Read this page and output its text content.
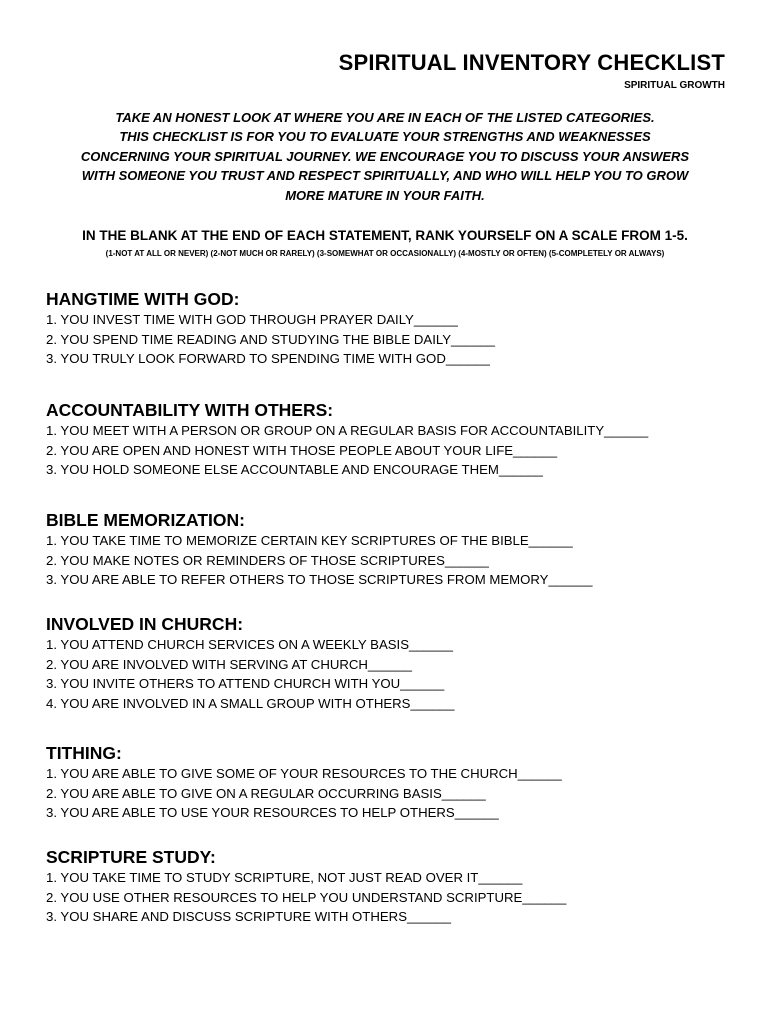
SPIRITUAL INVENTORY CHECKLIST
SPIRITUAL GROWTH
TAKE AN HONEST LOOK AT WHERE YOU ARE IN EACH OF THE LISTED CATEGORIES.
THIS CHECKLIST IS FOR YOU TO EVALUATE YOUR STRENGTHS AND WEAKNESSES
CONCERNING YOUR SPIRITUAL JOURNEY. WE ENCOURAGE YOU TO DISCUSS YOUR ANSWERS
WITH SOMEONE YOU TRUST AND RESPECT SPIRITUALLY, AND WHO WILL HELP YOU TO GROW
MORE MATURE IN YOUR FAITH.
IN THE BLANK AT THE END OF EACH STATEMENT, RANK YOURSELF ON A SCALE FROM 1-5.
(1-NOT AT ALL OR NEVER) (2-NOT MUCH OR RARELY) (3-SOMEWHAT OR OCCASIONALLY) (4-MOSTLY OR OFTEN) (5-COMPLETELY OR ALWAYS)
HANGTIME WITH GOD:
1. YOU INVEST TIME WITH GOD THROUGH PRAYER DAILY______
2. YOU SPEND TIME READING AND STUDYING THE BIBLE DAILY______
3. YOU TRULY LOOK FORWARD TO SPENDING TIME WITH GOD______
ACCOUNTABILITY WITH OTHERS:
1. YOU MEET WITH A PERSON OR GROUP ON A REGULAR BASIS FOR ACCOUNTABILITY______
2. YOU ARE OPEN AND HONEST WITH THOSE PEOPLE ABOUT YOUR LIFE______
3. YOU HOLD SOMEONE ELSE ACCOUNTABLE AND ENCOURAGE THEM______
BIBLE MEMORIZATION:
1. YOU TAKE TIME TO MEMORIZE CERTAIN KEY SCRIPTURES OF THE BIBLE______
2. YOU MAKE NOTES OR REMINDERS OF THOSE SCRIPTURES______
3. YOU ARE ABLE TO REFER OTHERS TO THOSE SCRIPTURES FROM MEMORY______
INVOLVED IN CHURCH:
1. YOU ATTEND CHURCH SERVICES ON A WEEKLY BASIS______
2. YOU ARE INVOLVED WITH SERVING AT CHURCH______
3. YOU INVITE OTHERS TO ATTEND CHURCH WITH YOU______
4. YOU ARE INVOLVED IN A SMALL GROUP WITH OTHERS______
TITHING:
1. YOU ARE ABLE TO GIVE SOME OF YOUR RESOURCES TO THE CHURCH______
2. YOU ARE ABLE TO GIVE ON A REGULAR OCCURRING BASIS______
3. YOU ARE ABLE TO USE YOUR RESOURCES TO HELP OTHERS______
SCRIPTURE STUDY:
1. YOU TAKE TIME TO STUDY SCRIPTURE, NOT JUST READ OVER IT______
2. YOU USE OTHER RESOURCES TO HELP YOU UNDERSTAND SCRIPTURE______
3. YOU SHARE AND DISCUSS SCRIPTURE WITH OTHERS______
